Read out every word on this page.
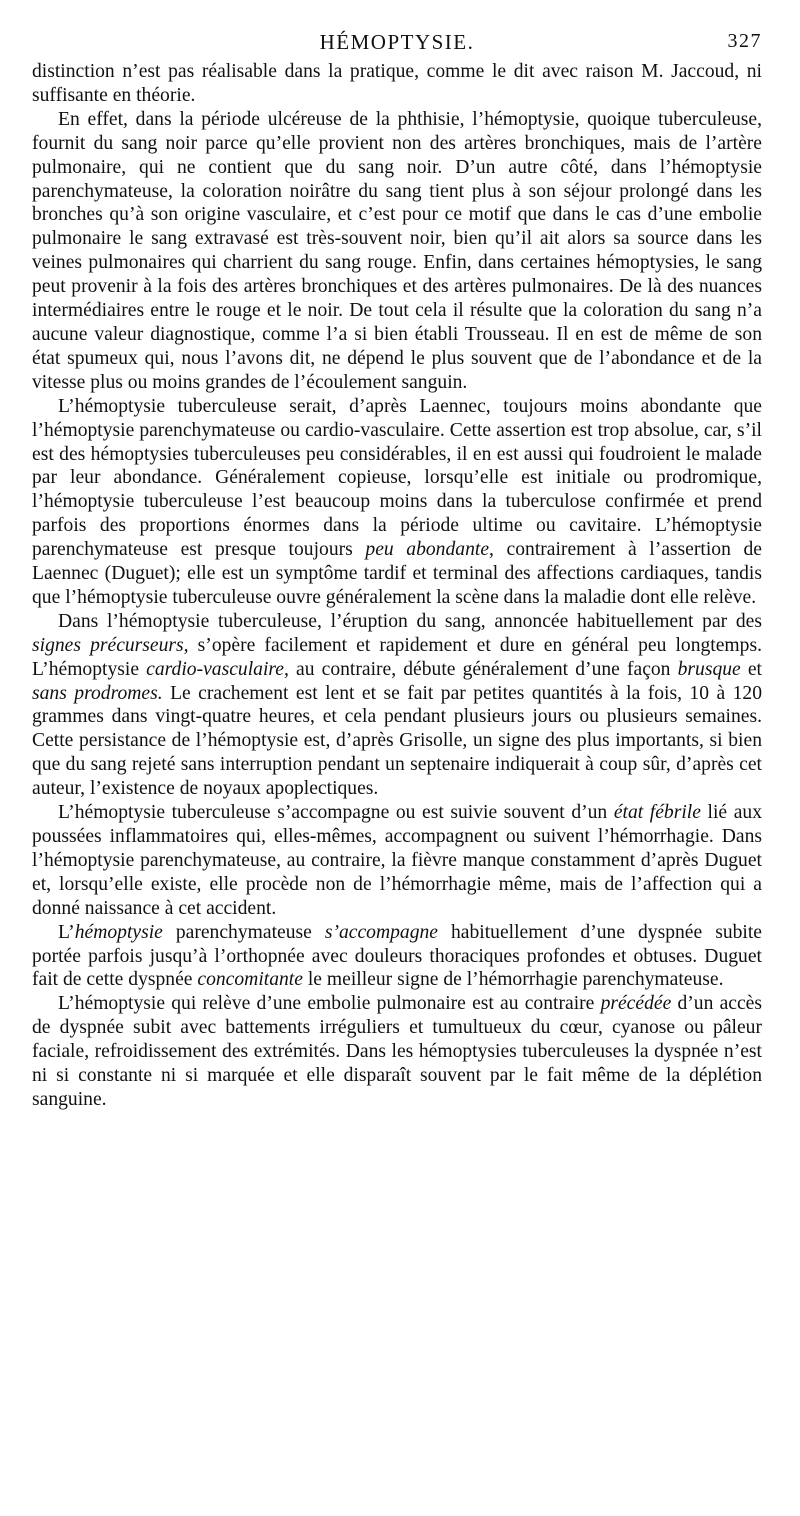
HÉMOPTYSIE.	327

distinction n’est pas réalisable dans la pratique, comme le dit avec raison M. Jaccoud, ni suffisante en théorie.

En effet, dans la période ulcéreuse de la phthisie, l’hémoptysie, quoique tuberculeuse, fournit du sang noir parce qu’elle provient non des artères bronchiques, mais de l’artère pulmonaire, qui ne contient que du sang noir. D’un autre côté, dans l’hémoptysie parenchymateuse, la coloration noirâtre du sang tient plus à son séjour prolongé dans les bronches qu’à son origine vasculaire, et c’est pour ce motif que dans le cas d’une embolie pulmonaire le sang extravasé est très-souvent noir, bien qu’il ait alors sa source dans les veines pulmonaires qui charrient du sang rouge. Enfin, dans certaines hémoptysies, le sang peut provenir à la fois des artères bronchiques et des artères pulmonaires. De là des nuances intermédiaires entre le rouge et le noir. De tout cela il résulte que la coloration du sang n’a aucune valeur diagnostique, comme l’a si bien établi Trousseau. Il en est de même de son état spumeux qui, nous l’avons dit, ne dépend le plus souvent que de l’abondance et de la vitesse plus ou moins grandes de l’écoulement sanguin.

L’hémoptysie tuberculeuse serait, d’après Laennec, toujours moins abondante que l’hémoptysie parenchymateuse ou cardio-vasculaire. Cette assertion est trop absolue, car, s’il est des hémoptysies tuberculeuses peu considérables, il en est aussi qui foudroient le malade par leur abondance. Généralement copieuse, lorsqu’elle est initiale ou prodromique, l’hémoptysie tuberculeuse l’est beaucoup moins dans la tuberculose confirmée et prend parfois des proportions énormes dans la période ultime ou cavitaire. L’hémoptysie parenchymateuse est presque toujours peu abondante, contrairement à l’assertion de Laennec (Duguet); elle est un symptôme tardif et terminal des affections cardiaques, tandis que l’hémoptysie tuberculeuse ouvre généralement la scène dans la maladie dont elle relève.

Dans l’hémoptysie tuberculeuse, l’éruption du sang, annoncée habituellement par des signes précurseurs, s’opère facilement et rapidement et dure en général peu longtemps. L’hémoptysie cardio-vasculaire, au contraire, débute généralement d’une façon brusque et sans prodromes. Le crachement est lent et se fait par petites quantités à la fois, 10 à 120 grammes dans vingt-quatre heures, et cela pendant plusieurs jours ou plusieurs semaines. Cette persistance de l’hémoptysie est, d’après Grisolle, un signe des plus importants, si bien que du sang rejeté sans interruption pendant un septenaire indiquerait à coup sûr, d’après cet auteur, l’existence de noyaux apoplectiques.

L’hémoptysie tuberculeuse s’accompagne ou est suivie souvent d’un état fébrile lié aux poussées inflammatoires qui, elles-mêmes, accompagnent ou suivent l’hémorrhagie. Dans l’hémoptysie parenchymateuse, au contraire, la fièvre manque constamment d’après Duguet et, lorsqu’elle existe, elle procède non de l’hémorrhagie même, mais de l’affection qui a donné naissance à cet accident.

L’hémoptysie parenchymateuse s’accompagne habituellement d’une dyspnée subite portée parfois jusqu’à l’orthopnée avec douleurs thoraciques profondes et obtuses. Duguet fait de cette dyspnée concomitante le meilleur signe de l’hémorrhagie parenchymateuse.

L’hémoptysie qui relève d’une embolie pulmonaire est au contraire précédée d’un accès de dyspnée subit avec battements irréguliers et tumultueux du cœur, cyanose ou pâleur faciale, refroidissement des extrémités. Dans les hémoptysies tuberculeuses la dyspnée n’est ni si constante ni si marquée et elle disparaît souvent par le fait même de la déplétion sanguine.
